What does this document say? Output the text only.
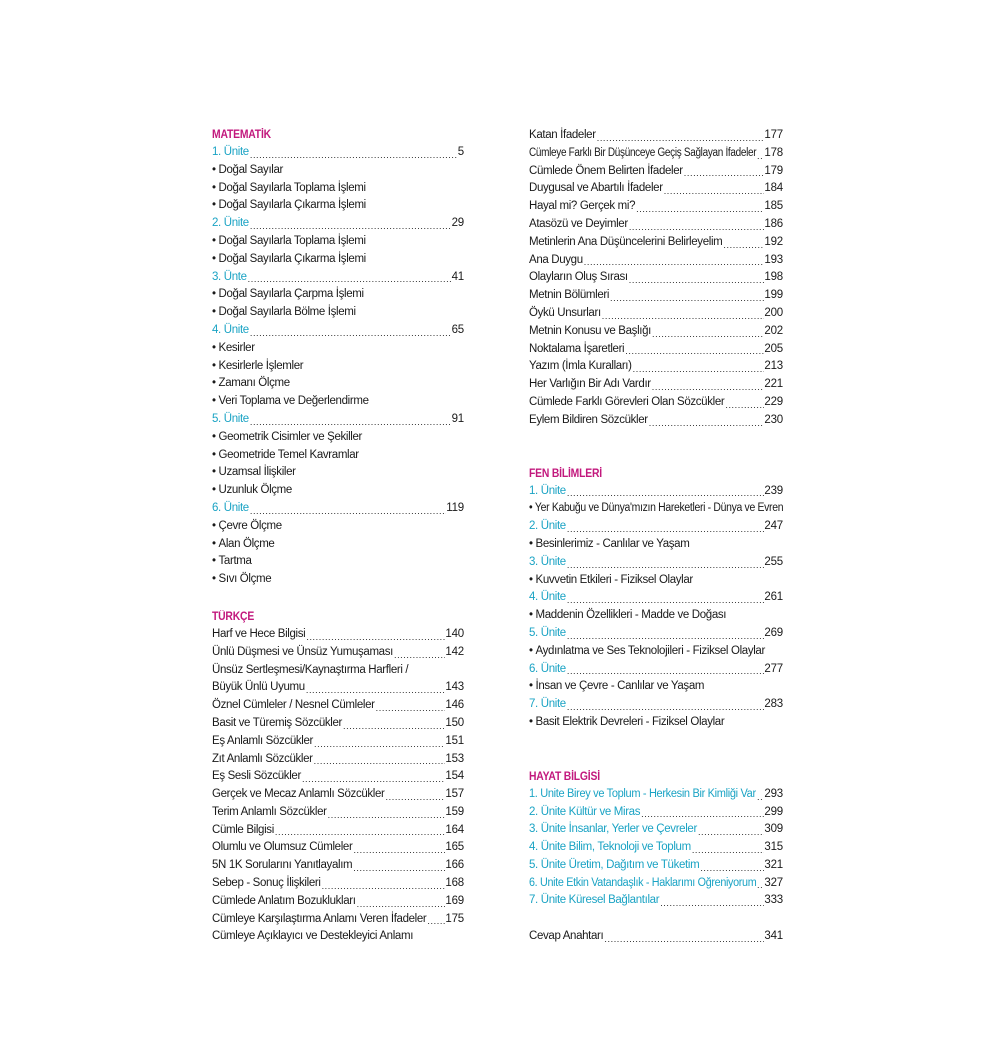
MATEMATİK
1. Ünite .....	5
• Doğal Sayılar
• Doğal Sayılarla Toplama İşlemi
• Doğal Sayılarla Çıkarma İşlemi
2. Ünite .....	29
• Doğal Sayılarla Toplama İşlemi
• Doğal Sayılarla Çıkarma İşlemi
3. Ünte .....	41
• Doğal Sayılarla Çarpma İşlemi
• Doğal Sayılarla Bölme İşlemi
4. Ünite .....	65
• Kesirler
• Kesirlerle İşlemler
• Zamanı Ölçme
• Veri Toplama ve Değerlendirme
5. Ünite .....	91
• Geometrik Cisimler ve Şekiller
• Geometride Temel Kavramlar
• Uzamsal İlişkiler
• Uzunluk Ölçme
6. Ünite .....	119
• Çevre Ölçme
• Alan Ölçme
• Tartma
• Sıvı Ölçme
TÜRKÇE
Harf ve Hece Bilgisi .....	140
Ünlü Düşmesi ve Ünsüz Yumuşaması .....	142
Ünsüz Sertleşmesi/Kaynaştırma Harfleri /
Büyük Ünlü Uyumu .....	143
Öznel Cümleler / Nesnel Cümleler .....	146
Basit ve Türemiş Sözcükler .....	150
Eş Anlamlı Sözcükler .....	151
Zıt Anlamlı Sözcükler .....	153
Eş Sesli Sözcükler .....	154
Gerçek ve Mecaz Anlamlı Sözcükler .....	157
Terim Anlamlı Sözcükler .....	159
Cümle Bilgisi .....	164
Olumlu ve Olumsuz Cümleler .....	165
5N 1K Sorularını Yanıtlayalım .....	166
Sebep - Sonuç İlişkileri .....	168
Cümlede Anlatım Bozuklukları .....	169
Cümleye Karşılaştırma Anlamı Veren İfadeler ..... 175
Cümleye Açıklayıcı ve Destekleyici Anlamı
Katan İfadeler .....	177
Cümleye Farklı Bir Düşünceye Geçiş Sağlayan İfadeler ..... 178
Cümlede Önem Belirten İfadeler .....	179
Duygusal ve Abartılı İfadeler .....	184
Hayal mi? Gerçek mi? .....	185
Atasözü ve Deyimler .....	186
Metinlerin Ana Düşüncelerini Belirleyelim .....	192
Ana Duygu .....	193
Olayların Oluş Sırası .....	198
Metnin Bölümleri .....	199
Öykü Unsurları .....	200
Metnin Konusu ve Başlığı .....	202
Noktalama İşaretleri .....	205
Yazım (İmla Kuralları) .....	213
Her Varlığın Bir Adı Vardır .....	221
Cümlede Farklı Görevleri Olan Sözcükler .....	229
Eylem Bildiren Sözcükler .....	230
FEN BİLİMLERİ
1. Ünite .....	239
• Yer Kabuğu ve Dünya'mızın Hareketleri - Dünya ve Evren
2. Ünite .....	247
• Besinlerimiz - Canlılar ve Yaşam
3. Ünite .....	255
• Kuvvetin Etkileri - Fiziksel Olaylar
4. Ünite .....	261
• Maddenin Özellikleri - Madde ve Doğası
5. Ünite .....	269
• Aydınlatma ve Ses Teknolojileri - Fiziksel Olaylar
6. Ünite .....	277
• İnsan ve Çevre - Canlılar ve Yaşam
7. Ünite .....	283
• Basit Elektrik Devreleri - Fiziksel Olaylar
HAYAT BİLGİSİ
1. Ünite Birey ve Toplum - Herkesin Bir Kimliği Var ..... 293
2. Ünite Kültür ve Miras .....	299
3. Ünite İnsanlar, Yerler ve Çevreler .....	309
4. Ünite Bilim, Teknoloji ve Toplum .....	315
5. Ünite Üretim, Dağıtım ve Tüketim .....	321
6. Ünite Etkin Vatandaşlık - Haklarımı Öğreniyorum ..... 327
7. Ünite Küresel Bağlantılar .....	333
Cevap Anahtarı .....	341
